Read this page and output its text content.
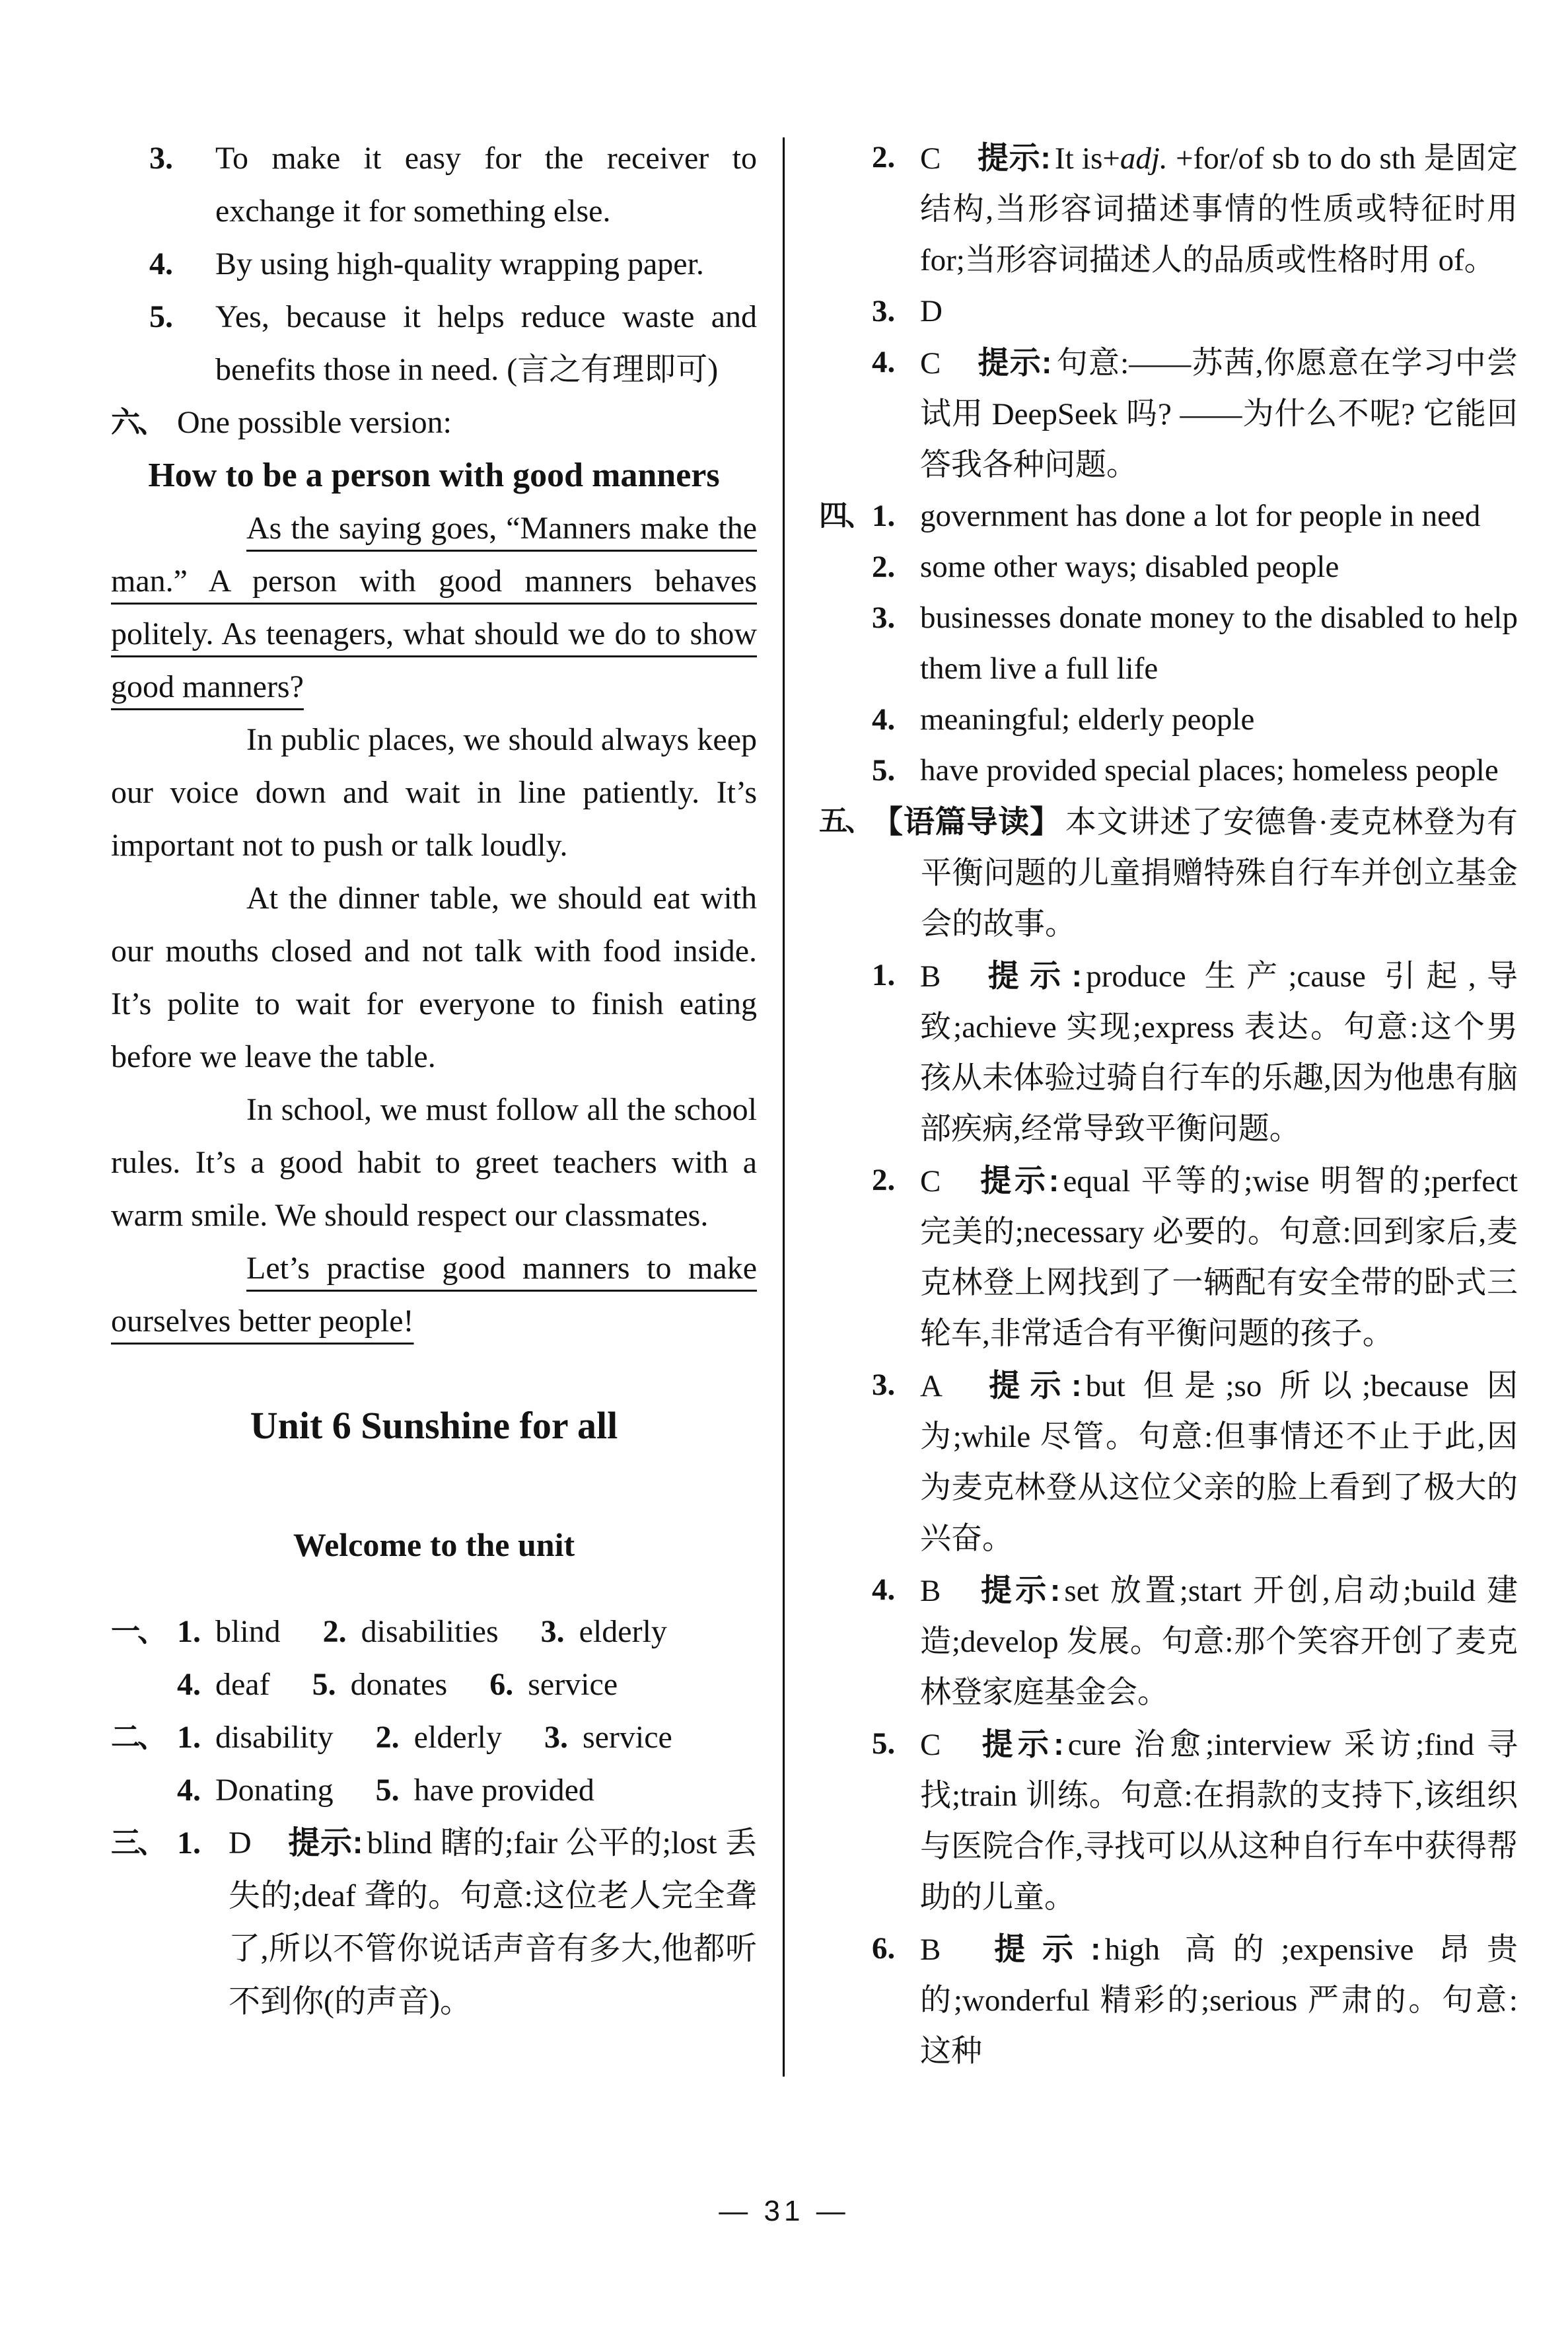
3.	To make it easy for the receiver to exchange it for something else.
4.	By using high-quality wrapping paper.
5.	Yes, because it helps reduce waste and benefits those in need. (言之有理即可)
六、 One possible version:
How to be a person with good manners

As the saying goes, “Manners make the man.” A person with good manners behaves politely. As teenagers, what should we do to show good manners?

In public places, we should always keep our voice down and wait in line patiently. It’s important not to push or talk loudly.

At the dinner table, we should eat with our mouths closed and not talk with food inside. It’s polite to wait for everyone to finish eating before we leave the table.

In school, we must follow all the school rules. It’s a good habit to greet teachers with a warm smile. We should respect our classmates.

Let’s practise good manners to make ourselves better people!

Unit 6 Sunshine for all
Welcome to the unit
一、 1. blind 2. disabilities 3. elderly
4. deaf 5. donates 6. service
二、 1. disability 2. elderly 3. service
4. Donating 5. have provided
三、 1. D 提示: blind 瞎的;fair 公平的;lost 丢失的;deaf 聋的。句意:这位老人完全聋了,所以不管你说话声音有多大,他都听不到你(的声音)。
2. C 提示: It is+adj. +for/of sb to do sth 是固定结构,当形容词描述事情的性质或特征时用 for;当形容词描述人的品质或性格时用 of。
3. D
4. C 提示: 句意:——苏茜,你愿意在学习中尝试用 DeepSeek 吗? ——为什么不呢? 它能回答我各种问题。
四、 1. government has done a lot for people in need
2. some other ways; disabled people
3. businesses donate money to the disabled to help them live a full life
4. meaningful; elderly people
5. have provided special places; homeless people
五、 【语篇导读】 本文讲述了安德鲁·麦克林登为有平衡问题的儿童捐赠特殊自行车并创立基金会的故事。
1. B 提示: produce 生产;cause 引起,导致;achieve 实现;express 表达。句意:这个男孩从未体验过骑自行车的乐趣,因为他患有脑部疾病,经常导致平衡问题。
2. C 提示: equal 平等的;wise 明智的;perfect 完美的;necessary 必要的。句意:回到家后,麦克林登上网找到了一辆配有安全带的卧式三轮车,非常适合有平衡问题的孩子。
3. A 提示: but 但是;so 所以;because 因为;while 尽管。句意:但事情还不止于此,因为麦克林登从这位父亲的脸上看到了极大的兴奋。
4. B 提示: set 放置;start 开创,启动;build 建造;develop 发展。句意:那个笑容开创了麦克林登家庭基金会。
5. C 提示: cure 治愈;interview 采访;find 寻找;train 训练。句意:在捐款的支持下,该组织与医院合作,寻找可以从这种自行车中获得帮助的儿童。
6. B 提示: high 高的;expensive 昂贵的;wonderful 精彩的;serious 严肃的。句意:这种
— 31 —
